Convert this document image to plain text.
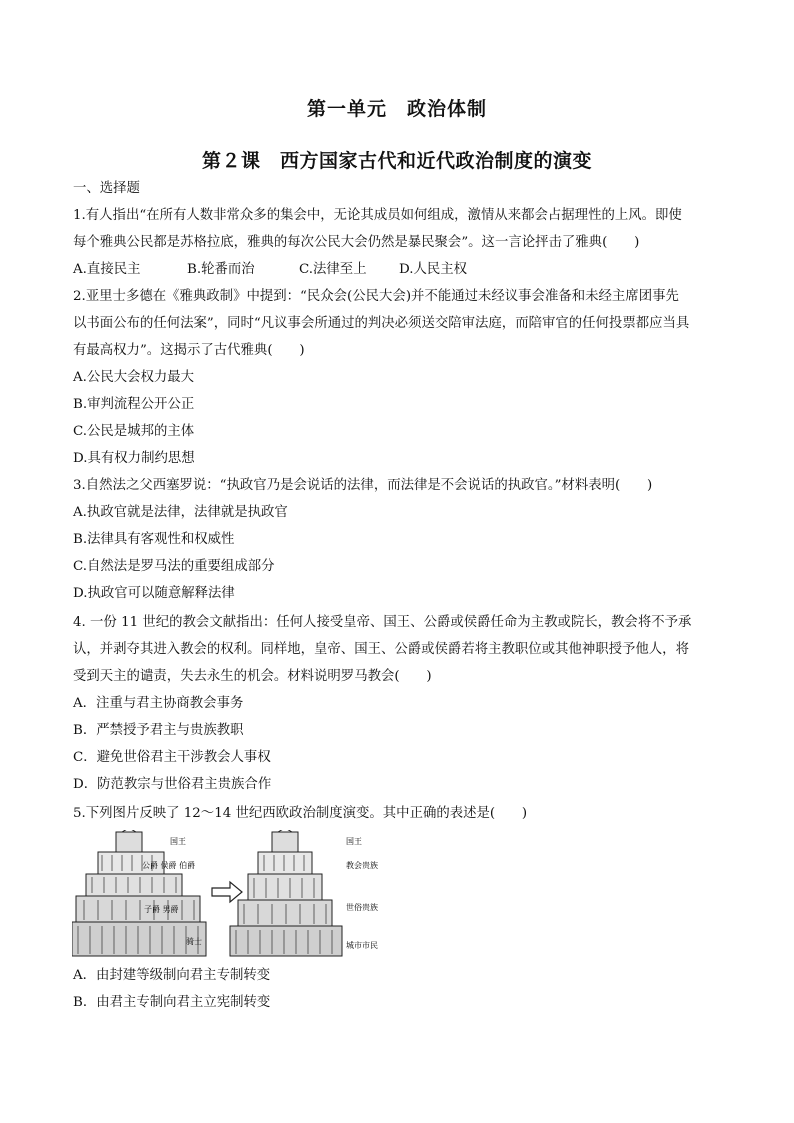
第一单元　政治体制
第２课　西方国家古代和近代政治制度的演变
一、选择题
1.有人指出“在所有人数非常众多的集会中，无论其成员如何组成，激情从来都会占据理性的上风。即使
每个雅典公民都是苏格拉底，雅典的每次公民大会仍然是暴民聚会”。这一言论抨击了雅典(　　)
A.直接民主	B.轮番而治	C.法律至上 D.人民主权
2.亚里士多德在《雅典政制》中提到：“民众会(公民大会)并不能通过未经议事会准备和未经主席团事先
以书面公布的任何法案”，同时“凡议事会所通过的判决必须送交陪审法庭，而陪审官的任何投票都应当具
有最高权力”。这揭示了古代雅典(　　)
A.公民大会权力最大
B.审判流程公开公正
C.公民是城邦的主体
D.具有权力制约思想
3.自然法之父西塞罗说：“执政官乃是会说话的法律，而法律是不会说话的执政官。”材料表明(　　)
A.执政官就是法律，法律就是执政官
B.法律具有客观性和权威性
C.自然法是罗马法的重要组成部分
D.执政官可以随意解释法律
4. 一份 11 世纪的教会文献指出：任何人接受皇帝、国王、公爵或侯爵任命为主教或院长，教会将不予承
认，并剥夺其进入教会的权利。同样地，皇帝、国王、公爵或侯爵若将主教职位或其他神职授予他人，将
受到天主的谴责，失去永生的机会。材料说明罗马教会(　　)
A．注重与君主协商教会事务
B．严禁授予君主与贵族教职
C．避免世俗君主干涉教会人事权
D．防范教宗与世俗君主贵族合作
5.下列图片反映了 12～14 世纪西欧政治制度演变。其中正确的表述是(　　)
国王
公爵 侯爵 伯爵
子爵 男爵
骑士
国王
教会贵族
世俗贵族
城市市民
A．由封建等级制向君主专制转变
B．由君主专制向君主立宪制转变
